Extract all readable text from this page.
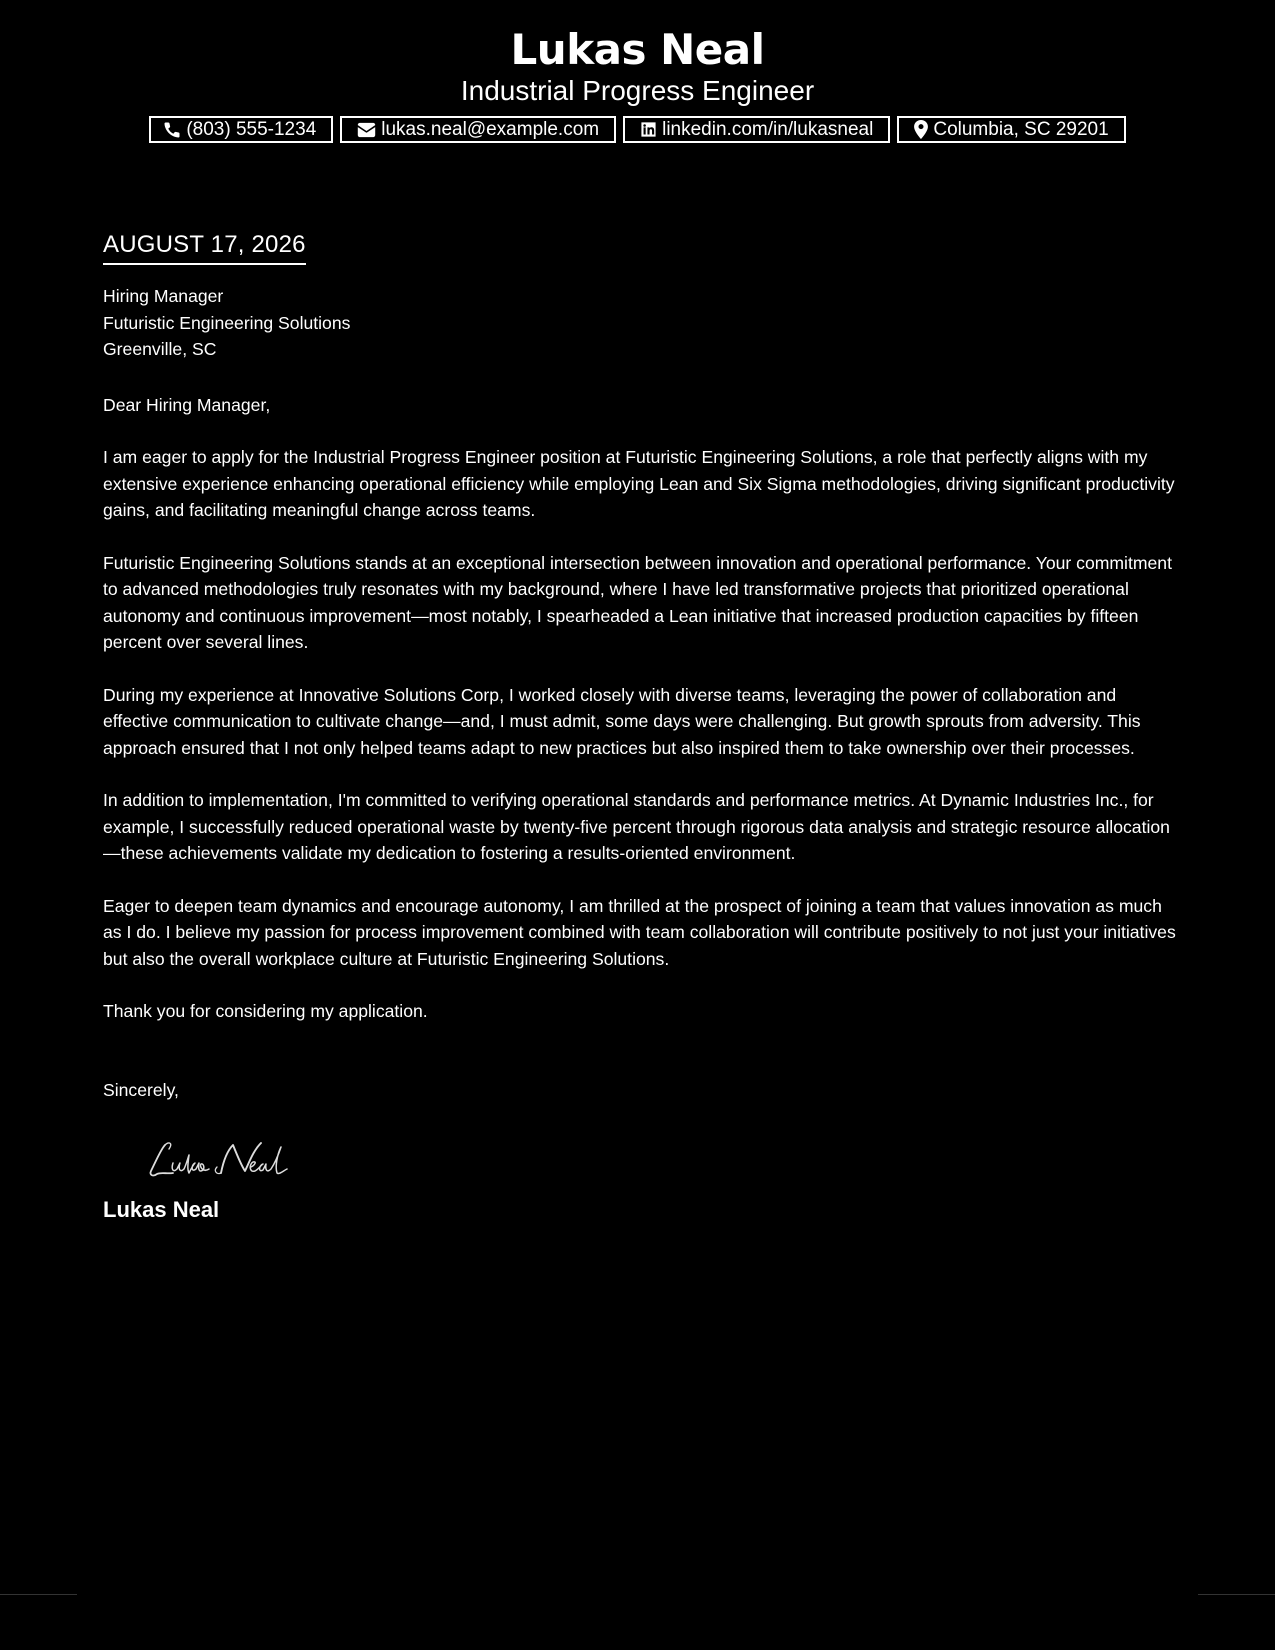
Lukas Neal
Industrial Progress Engineer
(803) 555-1234	lukas.neal@example.com	linkedin.com/in/lukasneal	Columbia, SC 29201
AUGUST 17, 2026
Hiring Manager
Futuristic Engineering Solutions
Greenville, SC
Dear Hiring Manager,

I am eager to apply for the Industrial Progress Engineer position at Futuristic Engineering Solutions, a role that perfectly aligns with my extensive experience enhancing operational efficiency while employing Lean and Six Sigma methodologies, driving significant productivity gains, and facilitating meaningful change across teams.

Futuristic Engineering Solutions stands at an exceptional intersection between innovation and operational performance. Your commitment to advanced methodologies truly resonates with my background, where I have led transformative projects that prioritized operational autonomy and continuous improvement—most notably, I spearheaded a Lean initiative that increased production capacities by fifteen percent over several lines.

During my experience at Innovative Solutions Corp, I worked closely with diverse teams, leveraging the power of collaboration and effective communication to cultivate change—and, I must admit, some days were challenging. But growth sprouts from adversity. This approach ensured that I not only helped teams adapt to new practices but also inspired them to take ownership over their processes.

In addition to implementation, I'm committed to verifying operational standards and performance metrics. At Dynamic Industries Inc., for example, I successfully reduced operational waste by twenty-five percent through rigorous data analysis and strategic resource allocation—these achievements validate my dedication to fostering a results-oriented environment.

Eager to deepen team dynamics and encourage autonomy, I am thrilled at the prospect of joining a team that values innovation as much as I do. I believe my passion for process improvement combined with team collaboration will contribute positively to not just your initiatives but also the overall workplace culture at Futuristic Engineering Solutions.

Thank you for considering my application.

Sincerely,
Lukas Neal
